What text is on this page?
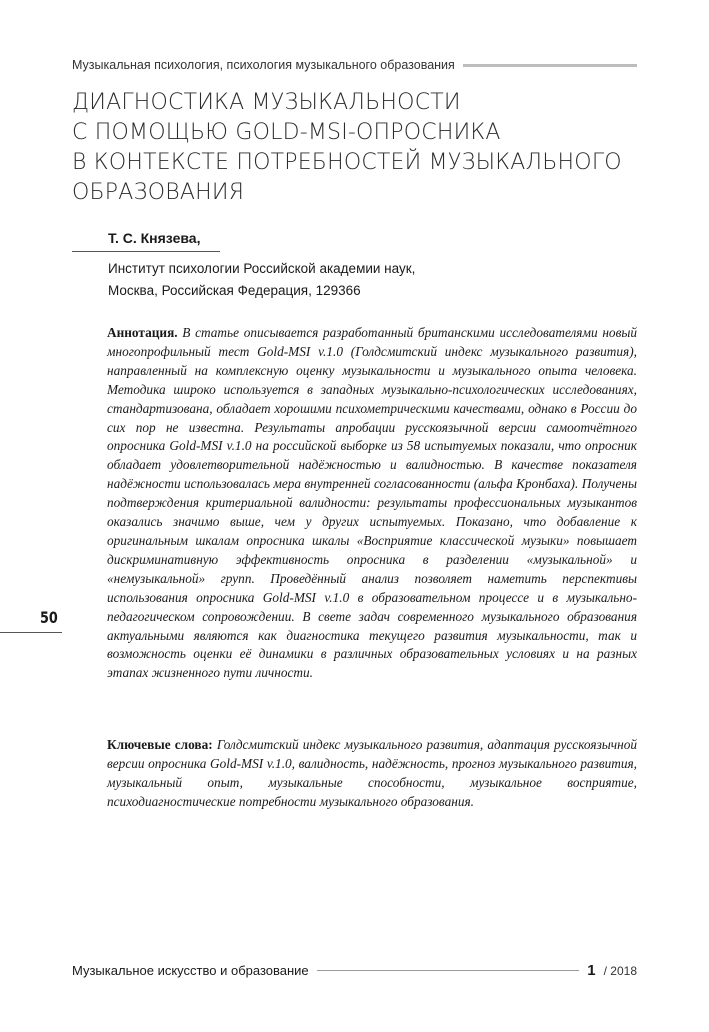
Музыкальная психология, психология музыкального образования
ДИАГНОСТИКА МУЗЫКАЛЬНОСТИ
С ПОМОЩЬЮ GOLD-MSI-ОПРОСНИКА
В КОНТЕКСТЕ ПОТРЕБНОСТЕЙ МУЗЫКАЛЬНОГО
ОБРАЗОВАНИЯ
Т. С. Князева,
Институт психологии Российской академии наук,
Москва, Российская Федерация, 129366

Аннотация. В статье описывается разработанный британскими исследователями новый многопрофильный тест Gold-MSI v.1.0 (Голдсмитский индекс музыкального развития), направленный на комплексную оценку музыкальности и музыкального опыта человека. Методика широко используется в западных музыкально-психологических исследованиях, стандартизована, обладает хорошими психометрическими качествами, однако в России до сих пор не известна. Результаты апробации русскоязычной версии самоотчётного опросника Gold-MSI v.1.0 на российской выборке из 58 испытуемых показали, что опросник обладает удовлетворительной надёжностью и валидностью. В качестве показателя надёжности использовалась мера внутренней согласованности (альфа Кронбаха). Получены подтверждения критериальной валидности: результаты профессиональных музыкантов оказались значимо выше, чем у других испытуемых. Показано, что добавление к оригинальным шкалам опросника шкалы «Восприятие классической музыки» повышает дискриминативную эффективность опросника в разделении «музыкальной» и «немузыкальной» групп. Проведённый анализ позволяет наметить перспективы использования опросника Gold-MSI v.1.0 в образовательном процессе и в музыкально-педагогическом сопровождении. В свете задач современного музыкального образования актуальными являются как диагностика текущего развития музыкальности, так и возможность оценки её динамики в различных образовательных условиях и на разных этапах жизненного пути личности.

Ключевые слова: Голдсмитский индекс музыкального развития, адаптация русскоязычной версии опросника Gold-MSI v.1.0, валидность, надёжность, прогноз музыкального развития, музыкальный опыт, музыкальные способности, музыкальное восприятие, психодиагностические потребности музыкального образования.

50
Музыкальное искусство и образование	1 / 2018
